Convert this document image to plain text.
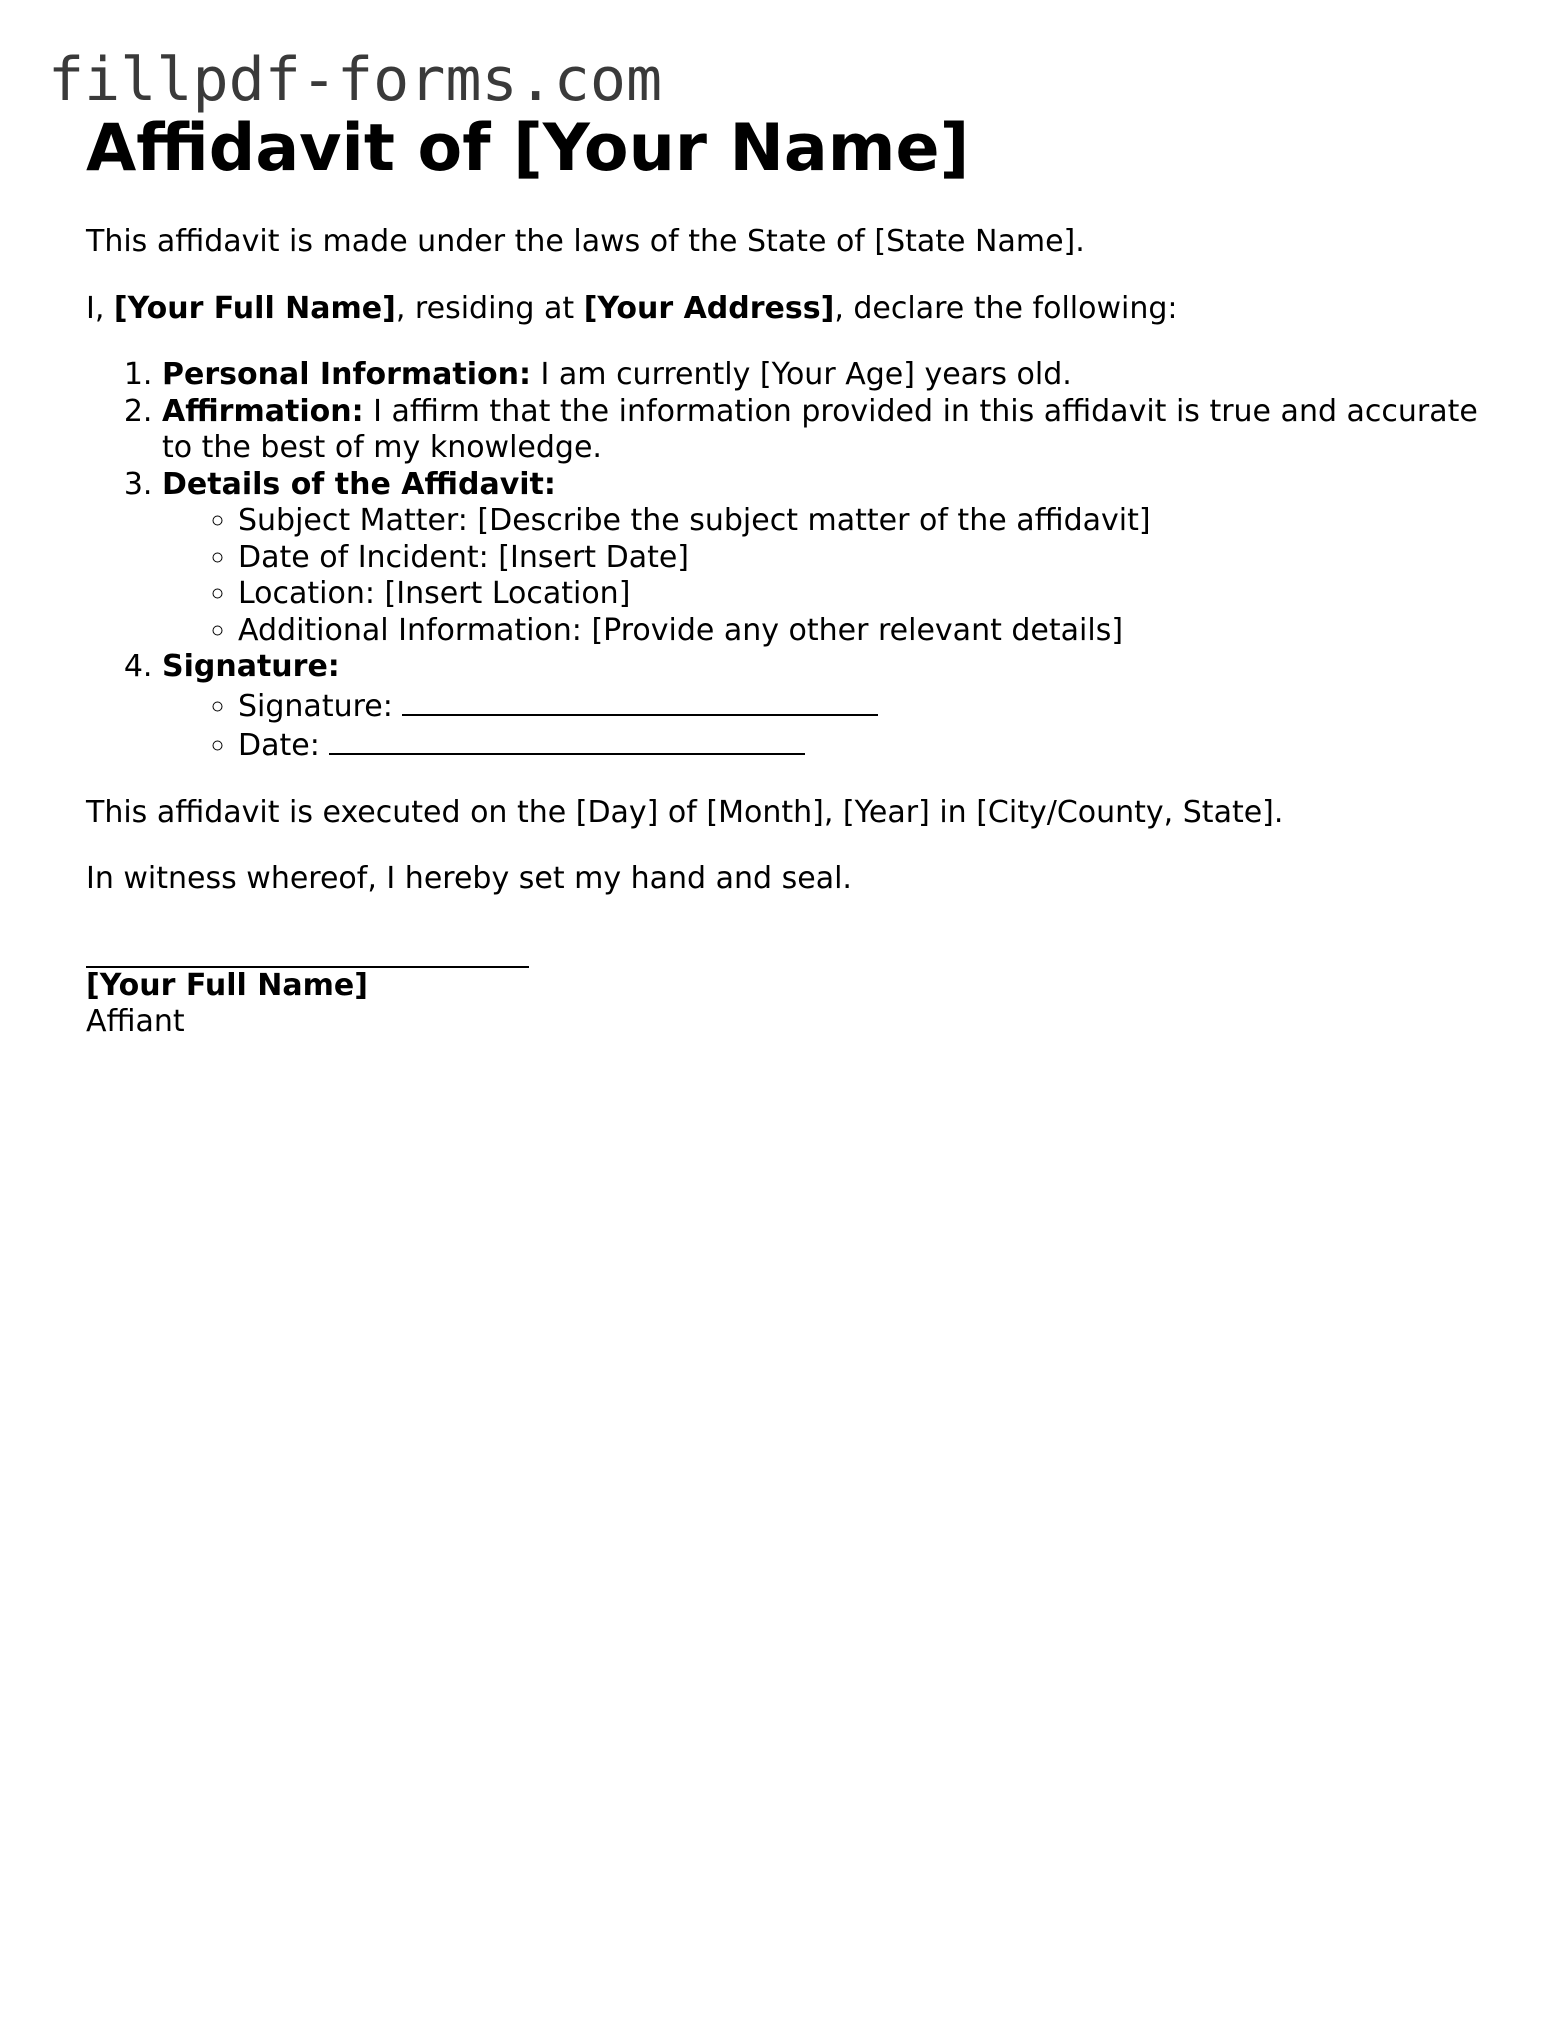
fillpdf-forms.com
Affidavit of [Your Name]

This affidavit is made under the laws of the State of [State Name].

I, [Your Full Name], residing at [Your Address], declare the following:

1. Personal Information: I am currently [Your Age] years old.
2. Affirmation: I affirm that the information provided in this affidavit is true and accurate to the best of my knowledge.
3. Details of the Affidavit:
◦ Subject Matter: [Describe the subject matter of the affidavit]
◦ Date of Incident: [Insert Date]
◦ Location: [Insert Location]
◦ Additional Information: [Provide any other relevant details]
4. Signature:
◦ Signature:
◦ Date:

This affidavit is executed on the [Day] of [Month], [Year] in [City/County, State].

In witness whereof, I hereby set my hand and seal.

[Your Full Name]
Affiant
